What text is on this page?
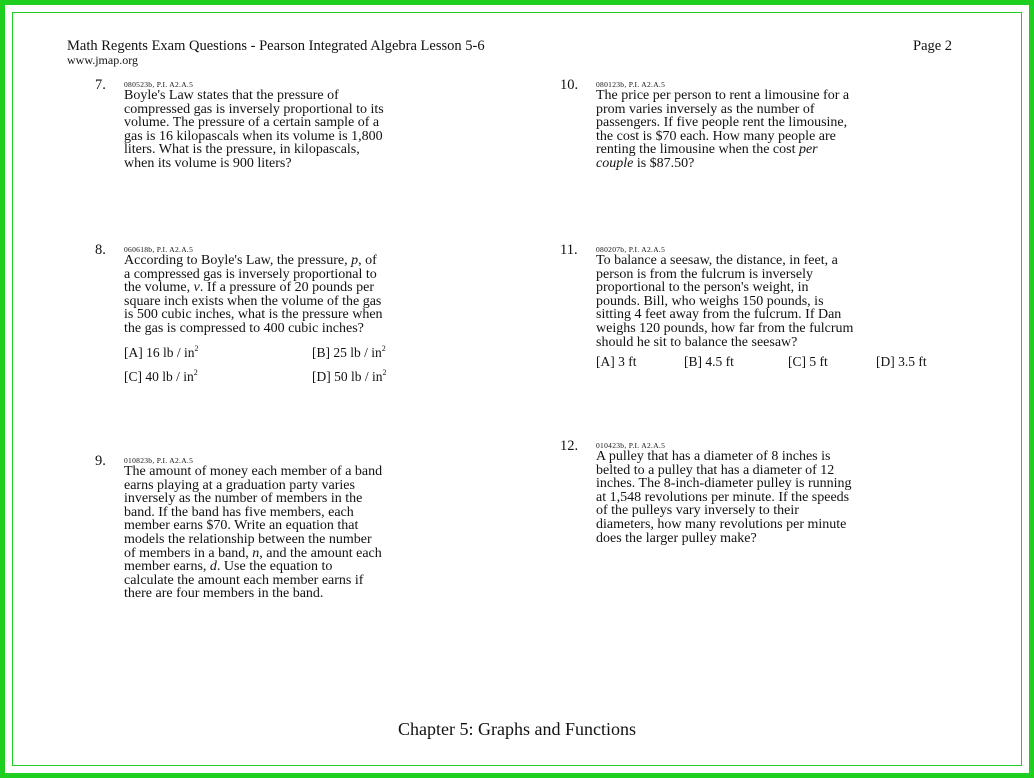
Math Regents Exam Questions - Pearson Integrated Algebra Lesson 5-6
www.jmap.org
Page 2
7. 080523b, P.I. A2.A.5
Boyle's Law states that the pressure of
compressed gas is inversely proportional to its
volume. The pressure of a certain sample of a
gas is 16 kilopascals when its volume is 1,800
liters. What is the pressure, in kilopascals,
when its volume is 900 liters?
8. 060618b, P.I. A2.A.5
According to Boyle's Law, the pressure, p, of
a compressed gas is inversely proportional to
the volume, v. If a pressure of 20 pounds per
square inch exists when the volume of the gas
is 500 cubic inches, what is the pressure when
the gas is compressed to 400 cubic inches?
[A] 16 lb / $in^2$	[B] 25 lb / $in^2$
[C] 40 lb / $in^2$	[D] 50 lb / $in^2$
9. 010823b, P.I. A2.A.5
The amount of money each member of a band
earns playing at a graduation party varies
inversely as the number of members in the
band. If the band has five members, each
member earns $70. Write an equation that
models the relationship between the number
of members in a band, n, and the amount each
member earns, d. Use the equation to
calculate the amount each member earns if
there are four members in the band.
10. 080123b, P.I. A2.A.5
The price per person to rent a limousine for a
prom varies inversely as the number of
passengers. If five people rent the limousine,
the cost is $70 each. How many people are
renting the limousine when the cost per
couple is $87.50?
11. 080207b, P.I. A2.A.5
To balance a seesaw, the distance, in feet, a
person is from the fulcrum is inversely
proportional to the person's weight, in
pounds. Bill, who weighs 150 pounds, is
sitting 4 feet away from the fulcrum. If Dan
weighs 120 pounds, how far from the fulcrum
should he sit to balance the seesaw?
[A] 3 ft	[B] 4.5 ft	[C] 5 ft	[D] 3.5 ft
12. 010423b, P.I. A2.A.5
A pulley that has a diameter of 8 inches is
belted to a pulley that has a diameter of 12
inches. The 8-inch-diameter pulley is running
at 1,548 revolutions per minute. If the speeds
of the pulleys vary inversely to their
diameters, how many revolutions per minute
does the larger pulley make?
Chapter 5: Graphs and Functions
